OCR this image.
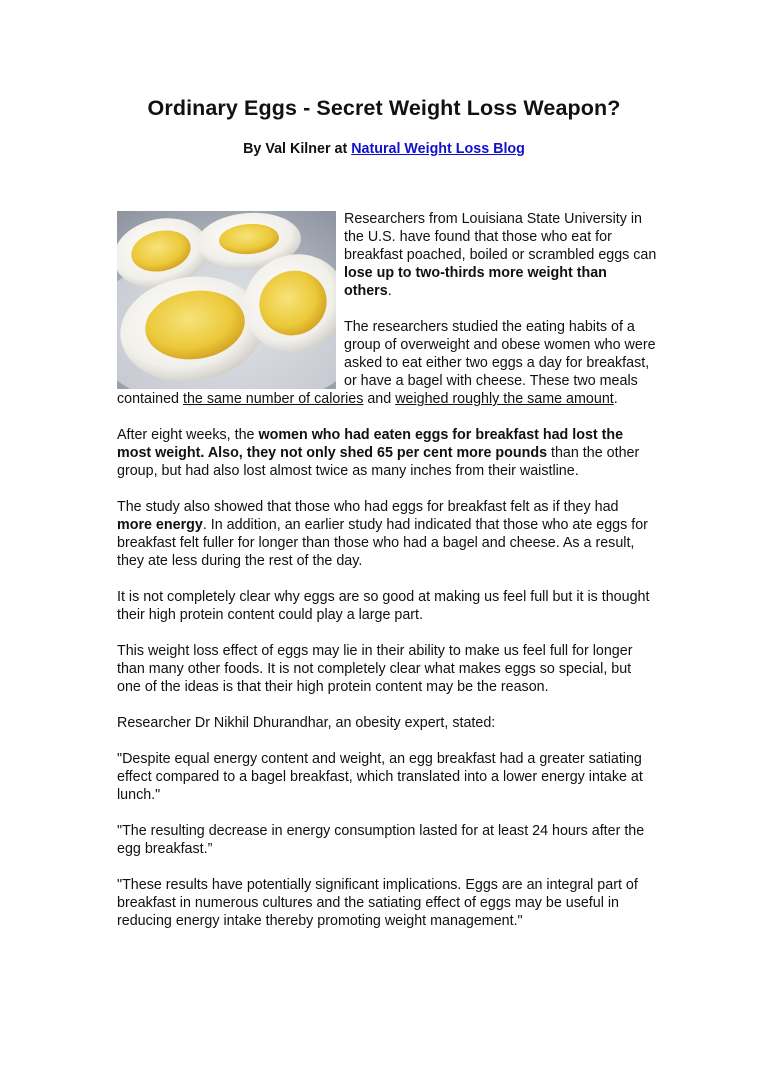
Ordinary Eggs - Secret Weight Loss Weapon?
By Val Kilner at Natural Weight Loss Blog

Researchers from Louisiana State University in the U.S. have found that those who eat for breakfast poached, boiled or scrambled eggs can lose up to two-thirds more weight than others.

The researchers studied the eating habits of a group of overweight and obese women who were asked to eat either two eggs a day for breakfast, or have a bagel with cheese. These two meals contained the same number of calories and weighed roughly the same amount.

After eight weeks, the women who had eaten eggs for breakfast had lost the most weight. Also, they not only shed 65 per cent more pounds than the other group, but had also lost almost twice as many inches from their waistline.

The study also showed that those who had eggs for breakfast felt as if they had more energy. In addition, an earlier study had indicated that those who ate eggs for breakfast felt fuller for longer than those who had a bagel and cheese. As a result, they ate less during the rest of the day.

It is not completely clear why eggs are so good at making us feel full but it is thought their high protein content could play a large part.

This weight loss effect of eggs may lie in their ability to make us feel full for longer than many other foods. It is not completely clear what makes eggs so special, but one of the ideas is that their high protein content may be the reason.

Researcher Dr Nikhil Dhurandhar, an obesity expert, stated:

"Despite equal energy content and weight, an egg breakfast had a greater satiating effect compared to a bagel breakfast, which translated into a lower energy intake at lunch."

"The resulting decrease in energy consumption lasted for at least 24 hours after the egg breakfast.”

"These results have potentially significant implications. Eggs are an integral part of breakfast in numerous cultures and the satiating effect of eggs may be useful in reducing energy intake thereby promoting weight management."
